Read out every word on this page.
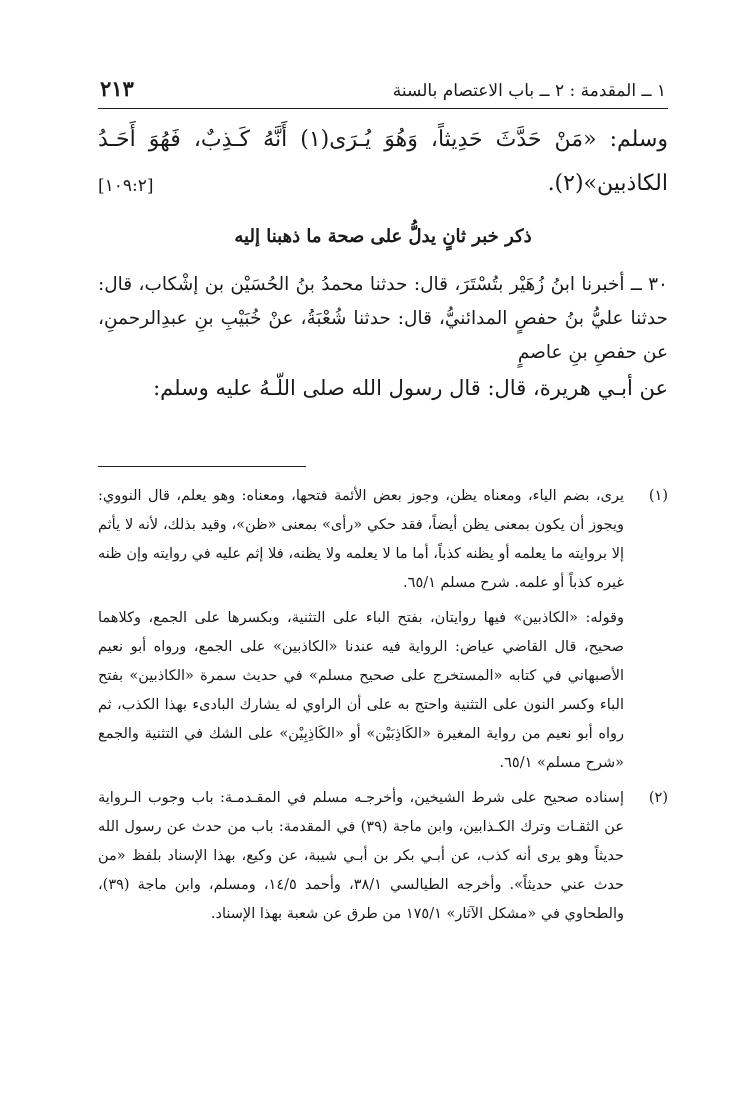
١ ــ المقدمة : ٢ ــ باب الاعتصام بالسنة
٢١٣
وسلم: «مَنْ حَدَّثَ حَدِيثاً، وَهُوَ يُـرَى(١) أَنَّهُ كَـذِبٌ، فَهُوَ أَحَـدُ الكاذبين»(٢).
[١٠٩:٢]
ذكر خبر ثانٍ يدلُّ على صحة ما ذهبنا إليه
٣٠ ــ أخبرنا ابنُ زُهَيْر بتُسْتَرَ، قال: حدثنا محمدُ بنُ الحُسَيْن بن إشْكاب، قال: حدثنا عليُّ بنُ حفصٍ المدائنيُّ، قال: حدثنا شُعْبَةُ، عنْ خُبَيْبِ بنِ عبدِالرحمنِ، عن حفصِ بنِ عاصمٍ
عن أبـي هريرة، قال: قال رسول الله صلى اللّـهُ عليه وسلم:
(١)

يرى، بضم الياء، ومعناه يظن، وجوز بعض الأئمة فتحها، ومعناه: وهو يعلم، قال النووي: ويجوز أن يكون بمعنى يظن أيضاً، فقد حكي «رأى» بمعنى «ظن»، وقيد بذلك، لأنه لا يأثم إلا بروايته ما يعلمه أو يظنه كذباً، أما ما لا يعلمه ولا يظنه، فلا إثم عليه في روايته وإن ظنه غيره كذباً أو علمه. شرح مسلم ٦٥/١.

وقوله: «الكاذبين» فيها روايتان، بفتح الباء على التثنية، وبكسرها على الجمع، وكلاهما صحيح، قال القاضي عياض: الرواية فيه عندنا «الكاذبين» على الجمع، ورواه أبو نعيم الأصبهاني في كتابه «المستخرج على صحيح مسلم» في حديث سمرة «الكاذبين» بفتح الباء وكسر النون على التثنية واحتج به على أن الراوي له يشارك البادىء بهذا الكذب، ثم رواه أبو نعيم من رواية المغيرة «الكَاذِبَيْن» أو «الكَاذِبِيْن» على الشك في التثنية والجمع «شرح مسلم» ٦٥/١.

(٢)

إسناده صحيح على شرط الشيخين، وأخرجـه مسلم في المقـدمـة: باب وجوب الـرواية عن الثقـات وترك الكـذابين، وابن ماجة (٣٩) في المقدمة: باب من حدث عن رسول الله حديثاً وهو يرى أنه كذب، عن أبـي بكر بن أبـي شيبة، عن وكيع، بهذا الإسناد بلفظ «من حدث عني حديثاً». وأخرجه الطيالسي ٣٨/١، وأحمد ١٤/٥، ومسلم، وابن ماجة (٣٩)، والطحاوي في «مشكل الآثار» ١٧٥/١ من طرق عن شعبة بهذا الإسناد.
